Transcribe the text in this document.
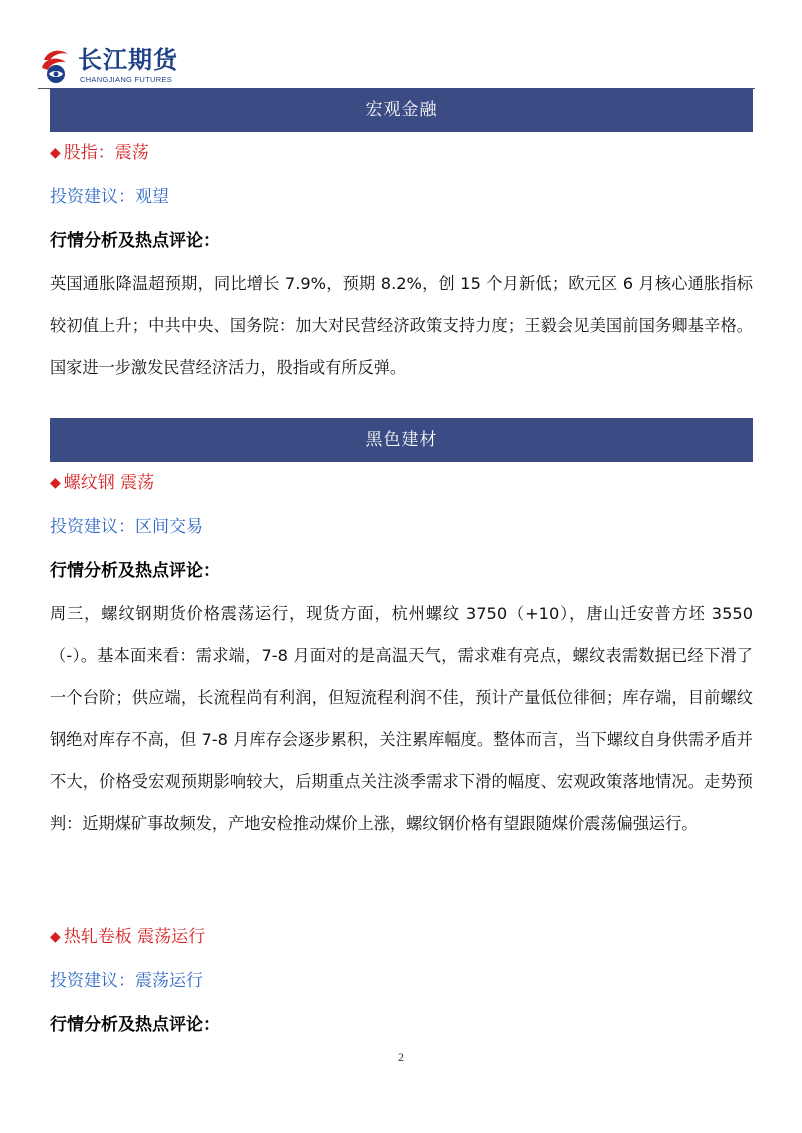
长江期货
CHANGJIANG FUTURES
宏观金融
◆ 股指：震荡
投资建议：观望
行情分析及热点评论：
英国通胀降温超预期，同比增长 7.9%，预期 8.2%，创 15 个月新低；欧元区 6 月核心通胀指标较初值上升；中共中央、国务院：加大对民营经济政策支持力度；王毅会见美国前国务卿基辛格。国家进一步激发民营经济活力，股指或有所反弹。
黑色建材
◆ 螺纹钢 震荡
投资建议：区间交易
行情分析及热点评论：
周三，螺纹钢期货价格震荡运行，现货方面，杭州螺纹 3750（+10），唐山迁安普方坯 3550（-）。基本面来看：需求端，7-8 月面对的是高温天气，需求难有亮点，螺纹表需数据已经下滑了一个台阶；供应端，长流程尚有利润，但短流程利润不佳，预计产量低位徘徊；库存端，目前螺纹钢绝对库存不高，但 7-8 月库存会逐步累积，关注累库幅度。整体而言，当下螺纹自身供需矛盾并不大，价格受宏观预期影响较大，后期重点关注淡季需求下滑的幅度、宏观政策落地情况。走势预判：近期煤矿事故频发，产地安检推动煤价上涨，螺纹钢价格有望跟随煤价震荡偏强运行。
◆ 热轧卷板 震荡运行
投资建议：震荡运行
行情分析及热点评论：
2
